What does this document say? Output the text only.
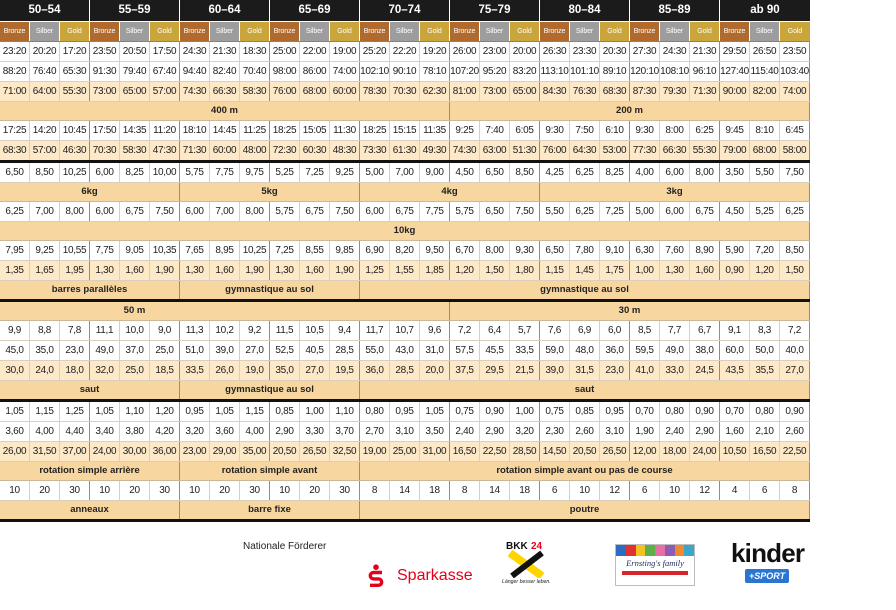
50–54	55–59	60–64	65–69	70–74	75–79	80–84	85–89	ab 90
Bronze	Silber	Gold	Bronze	Silber	Gold	Bronze	Silber	Gold	Bronze	Silber	Gold	Bronze	Silber	Gold	Bronze	Silber	Gold	Bronze	Silber	Gold	Bronze	Silber	Gold	Bronze	Silber	Gold
23:20 20:20 17:20 23:50 20:50 17:50 24:30 21:30 18:30 25:00 22:00 19:00 25:20 22:20 19:20 26:00 23:00 20:00 26:30 23:30 20:30 27:30 24:30 21:30 29:50 26:50 23:50
88:20 76:40 65:30 91:30 79:40 67:40 94:40 82:40 70:40 98:00 86:00 74:00 102:10 90:10 78:10 107:20 95:20 83:20 113:10 101:10 89:10 120:10 108:10 96:10 127:40 115:40 103:40
71:00 64:00 55:30 73:00 65:00 57:00 74:30 66:30 58:30 76:00 68:00 60:00 78:30 70:30 62:30 81:00 73:00 65:00 84:30 76:30 68:30 87:30 79:30 71:30 90:00 82:00 74:00
400 m	200 m
17:25 14:20 10:45 17:50 14:35 11:20 18:10 14:45 11:25 18:25 15:05 11:30 18:25 15:15 11:35 9:25	7:40	6:05	9:30	7:50	6:10	9:30	8:00	6:25	9:45	8:10	6:45
68:30 57:00 46:30 70:30 58:30 47:30 71:30 60:00 48:00 72:30 60:30 48:30 73:30 61:30 49:30 74:30 63:00 51:30 76:00 64:30 53:00 77:30 66:30 55:30 79:00 68:00 58:00
6,50	8,50 10,25 6,00	8,25 10,00 5,75	7,75	9,75	5,25	7,25	9,25	5,00	7,00	9,00	4,50	6,50	8,50	4,25	6,25	8,25	4,00	6,00	8,00	3,50	5,50	7,50
6kg	5kg	4kg	3kg
6,25	7,00	8,00	6,00	6,75	7,50	6,00	7,00	8,00	5,75	6,75	7,50	6,00	6,75	7,75	5,75	6,50	7,50	5,50	6,25	7,25	5,00	6,00	6,75	4,50	5,25	6,25
10kg
7,95	9,25 10,55 7,75	9,05 10,35 7,65	8,95 10,25 7,25	8,55	9,85	6,90	8,20	9,50	6,70	8,00	9,30	6,50	7,80	9,10	6,30	7,60	8,90	5,90	7,20	8,50
1,35	1,65	1,95	1,30	1,60	1,90	1,30	1,60	1,90	1,30	1,60	1,90	1,25	1,55	1,85	1,20	1,50	1,80	1,15	1,45	1,75	1,00	1,30	1,60	0,90	1,20	1,50
barres parallèles	gymnastique au sol	gymnastique au sol
50 m	30 m
9,9	8,8	7,8	11,1	10,0	9,0	11,3	10,2	9,2	11,5	10,5	9,4	11,7	10,7	9,6	7,2	6,4	5,7	7,6	6,9	6,0	8,5	7,7	6,7	9,1	8,3	7,2
45,0	35,0	23,0	49,0	37,0	25,0	51,0	39,0	27,0	52,5	40,5	28,5	55,0	43,0	31,0	57,5	45,5	33,5	59,0	48,0	36,0	59,5	49,0	38,0	60,0	50,0	40,0
30,0	24,0	18,0	32,0	25,0	18,5	33,5	26,0	19,0	35,0	27,0	19,5	36,0	28,5	20,0	37,5	29,5	21,5	39,0	31,5	23,0	41,0	33,0	24,5	43,5	35,5	27,0
saut	gymnastique au sol	saut
1,05	1,15	1,25	1,05	1,10	1,20	0,95	1,05	1,15	0,85	1,00	1,10	0,80	0,95	1,05	0,75	0,90	1,00	0,75	0,85	0,95	0,70	0,80	0,90	0,70	0,80	0,90
3,60	4,00	4,40	3,40	3,80	4,20	3,20	3,60	4,00	2,90	3,30	3,70	2,70	3,10	3,50	2,40	2,90	3,20	2,30	2,60	3,10	1,90	2,40	2,90	1,60	2,10	2,60
26,00 31,50 37,00 24,00 30,00 36,00 23,00 29,00 35,00 20,50 26,50 32,50 19,00 25,00 31,00 16,50 22,50 28,50 14,50 20,50 26,50 12,00 18,00 24,00 10,50 16,50 22,50
rotation simple arrière	rotation simple avant	rotation simple avant ou pas de course
10	20	30	10	20	30	10	20	30	10	20	30	8	14	18	8	14	18	6	10	12	6	10	12	4	6	8
anneaux	barre fixe	poutre
Nationale Förderer
Sparkasse
BKK 24
Länger besser leben.
Ernsting's family	kinder
+SPORT
